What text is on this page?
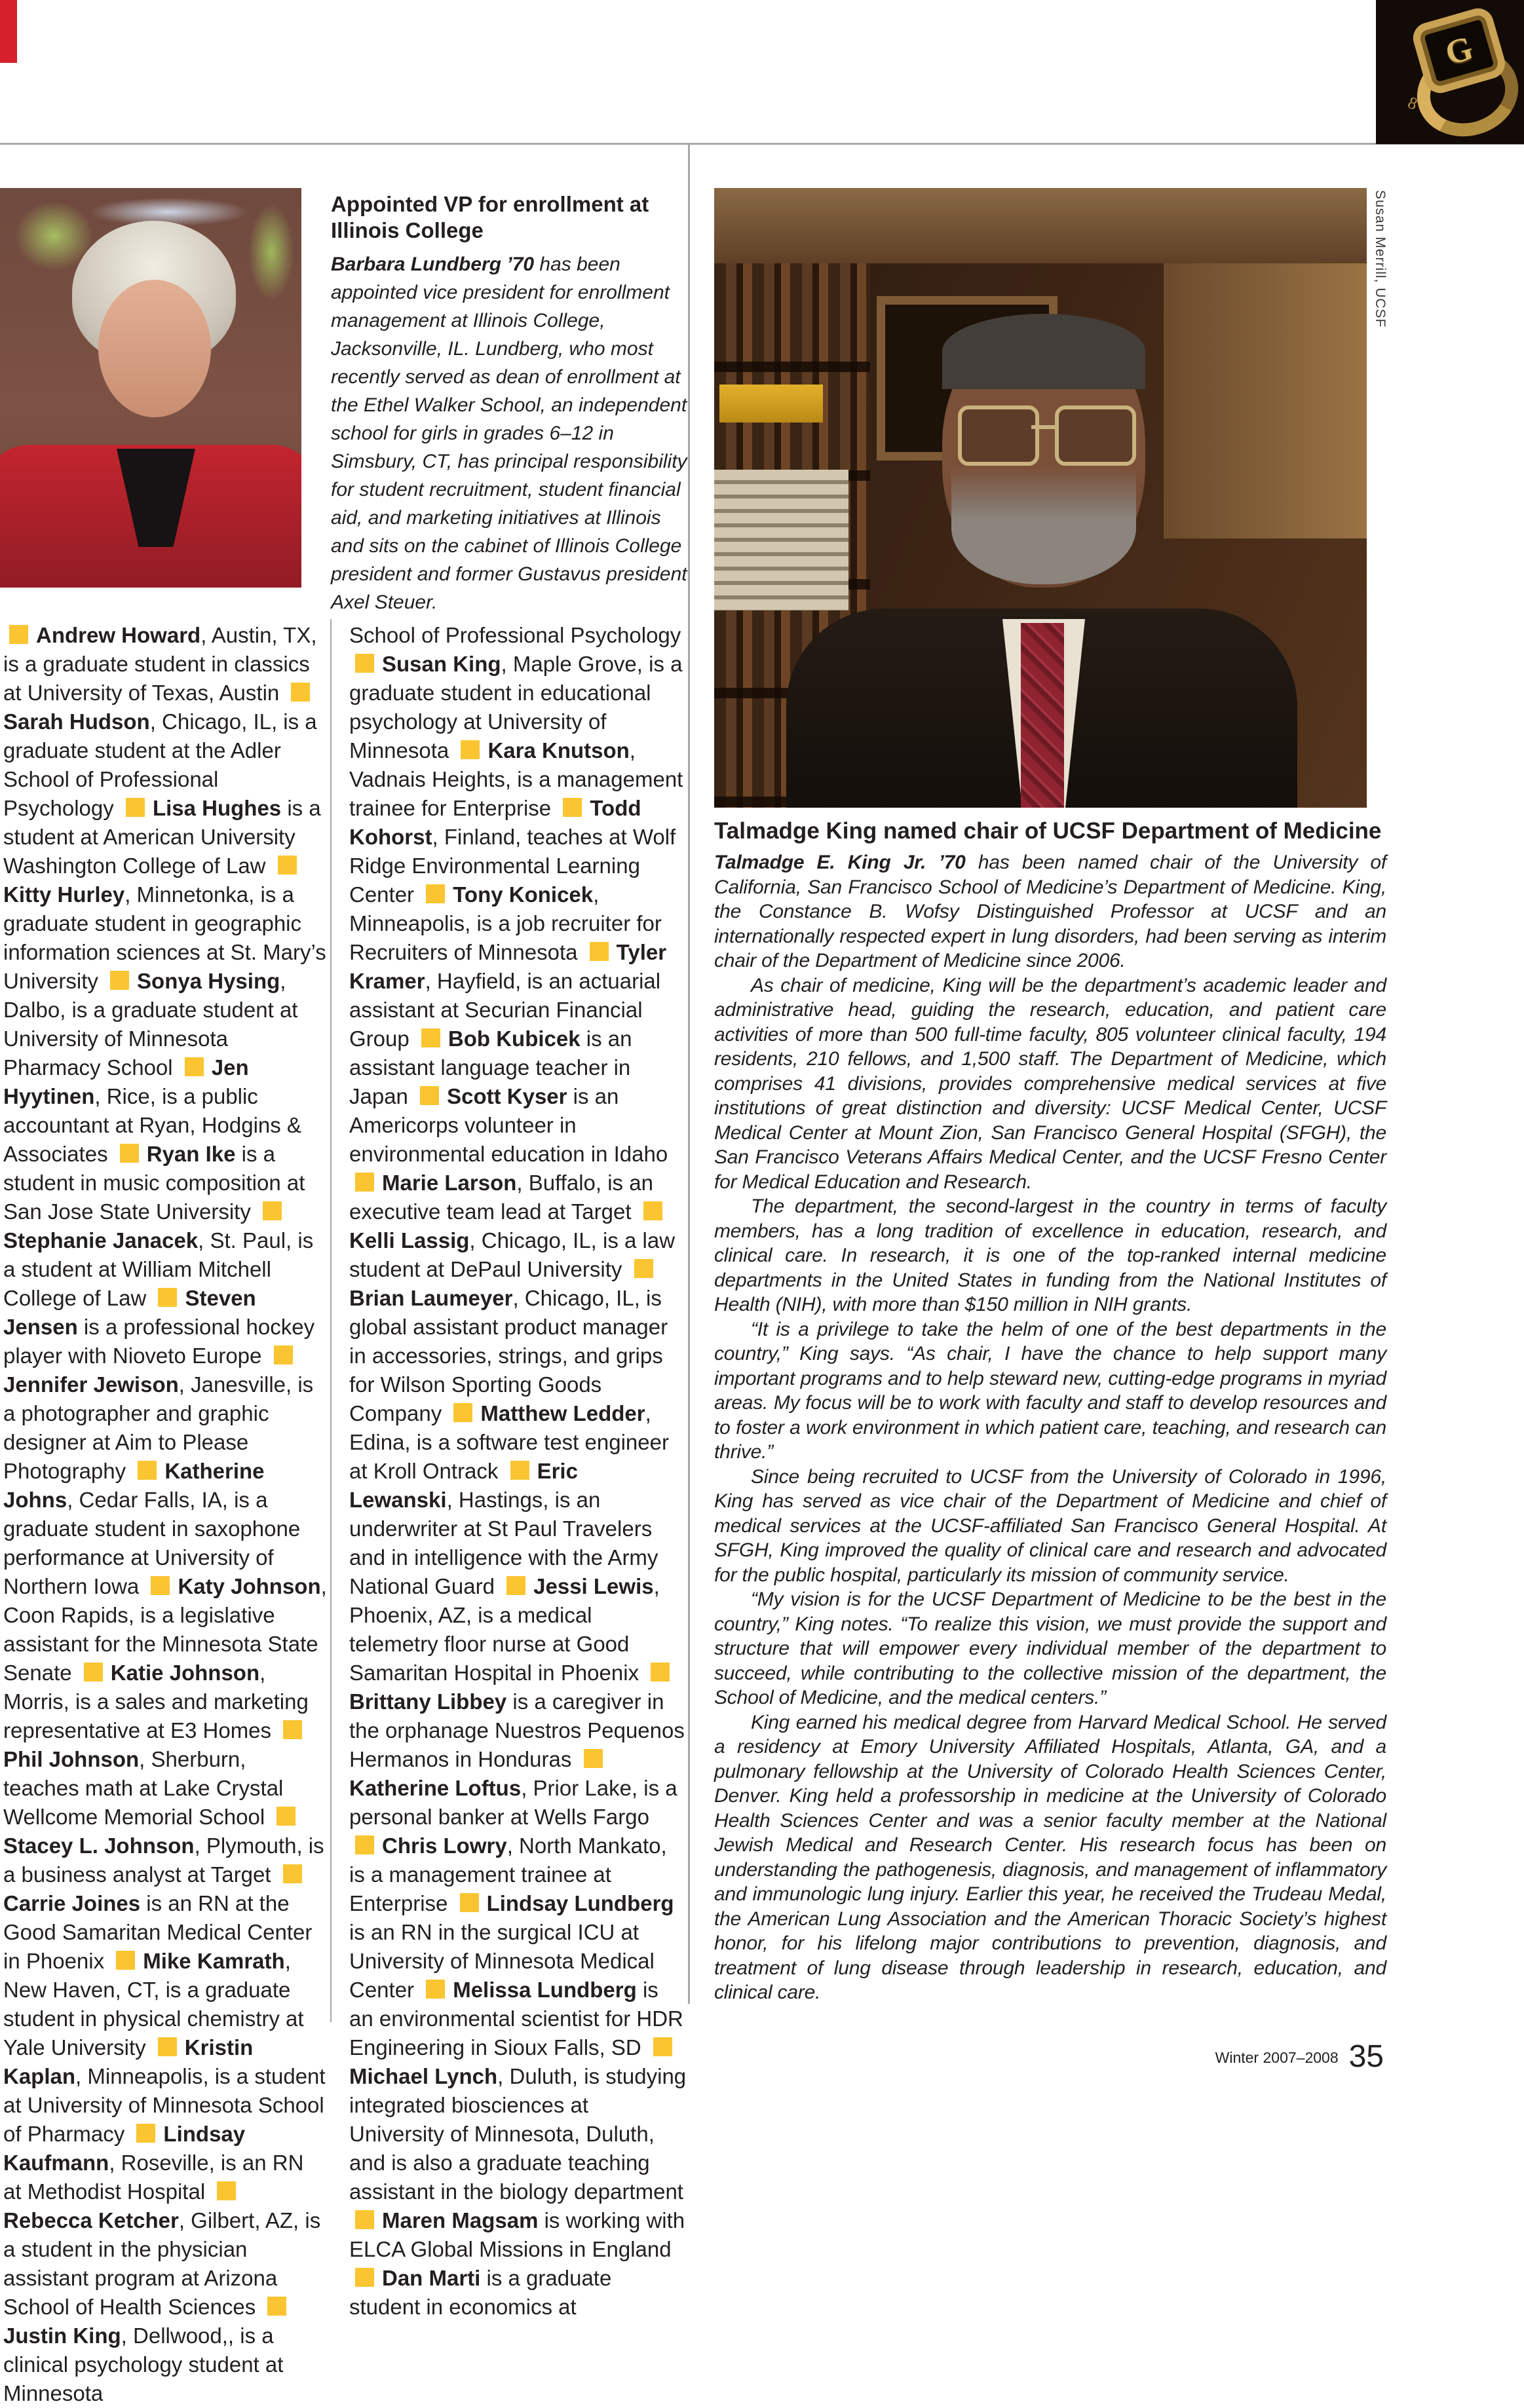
8
G
Appointed VP for enrollment at Illinois College
Barbara Lundberg ’70 has been appointed vice president for enrollment management at Illinois College, Jacksonville, IL. Lundberg, who most recently served as dean of enrollment at the Ethel Walker School, an independent school for girls in grades 6–12 in Simsbury, CT, has principal responsibility for student recruitment, student financial aid, and marketing initiatives at Illinois and sits on the cabinet of Illinois College president and former Gustavus president Axel Steuer.
Andrew Howard, Austin, TX, is a graduate student in classics at University of Texas, Austin Sarah Hudson, Chicago, IL, is a graduate student at the Adler School of Professional Psychology Lisa Hughes is a student at American University Washington College of Law Kitty Hurley, Minnetonka, is a graduate student in geographic information sciences at St. Mary’s University Sonya Hysing, Dalbo, is a graduate student at University of Minnesota Pharmacy School Jen Hyytinen, Rice, is a public accountant at Ryan, Hodgins & Associates Ryan Ike is a student in music composition at San Jose State University Stephanie Janacek, St. Paul, is a student at William Mitchell College of Law Steven Jensen is a professional hockey player with Nioveto Europe Jennifer Jewison, Janesville, is a photographer and graphic designer at Aim to Please Photography Katherine Johns, Cedar Falls, IA, is a graduate student in saxophone performance at University of Northern Iowa Katy Johnson, Coon Rapids, is a legislative assistant for the Minnesota State Senate Katie Johnson, Morris, is a sales and marketing representative at E3 Homes Phil Johnson, Sherburn, teaches math at Lake Crystal Wellcome Memorial School Stacey L. Johnson, Plymouth, is a business analyst at Target Carrie Joines is an RN at the Good Samaritan Medical Center in Phoenix Mike Kamrath, New Haven, CT, is a graduate student in physical chemistry at Yale University Kristin Kaplan, Minneapolis, is a student at University of Minnesota School of Pharmacy Lindsay Kaufmann, Roseville, is an RN at Methodist Hospital Rebecca Ketcher, Gilbert, AZ, is a student in the physician assistant program at Arizona School of Health Sciences Justin King, Dellwood,, is a clinical psychology student at Minnesota
School of Professional Psychology Susan King, Maple Grove, is a graduate student in educational psychology at University of Minnesota Kara Knutson, Vadnais Heights, is a management trainee for Enterprise Todd Kohorst, Finland, teaches at Wolf Ridge Environmental Learning Center Tony Konicek, Minneapolis, is a job recruiter for Recruiters of Minnesota Tyler Kramer, Hayfield, is an actuarial assistant at Securian Financial Group Bob Kubicek is an assistant language teacher in Japan Scott Kyser is an Americorps volunteer in environmental education in Idaho Marie Larson, Buffalo, is an executive team lead at Target Kelli Lassig, Chicago, IL, is a law student at DePaul University Brian Laumeyer, Chicago, IL, is global assistant product manager in accessories, strings, and grips for Wilson Sporting Goods Company Matthew Ledder, Edina, is a software test engineer at Kroll Ontrack Eric Lewanski, Hastings, is an underwriter at St Paul Travelers and in intelligence with the Army National Guard Jessi Lewis, Phoenix, AZ, is a medical telemetry floor nurse at Good Samaritan Hospital in Phoenix Brittany Libbey is a caregiver in the orphanage Nuestros Pequenos Hermanos in Honduras Katherine Loftus, Prior Lake, is a personal banker at Wells Fargo Chris Lowry, North Mankato, is a management trainee at Enterprise Lindsay Lundberg is an RN in the surgical ICU at University of Minnesota Medical Center Melissa Lundberg is an environmental scientist for HDR Engineering in Sioux Falls, SD Michael Lynch, Duluth, is studying integrated biosciences at University of Minnesota, Duluth, and is also a graduate teaching assistant in the biology department Maren Magsam is working with ELCA Global Missions in England Dan Marti is a graduate student in economics at
Susan Merrill, UCSF
Talmadge King named chair of UCSF Department of Medicine

Talmadge E. King Jr. ’70 has been named chair of the University of California, San Francisco School of Medicine’s Department of Medicine. King, the Constance B. Wofsy Distinguished Professor at UCSF and an internationally respected expert in lung disorders, had been serving as interim chair of the Department of Medicine since 2006.

As chair of medicine, King will be the department’s academic leader and administrative head, guiding the research, education, and patient care activities of more than 500 full-time faculty, 805 volunteer clinical faculty, 194 residents, 210 fellows, and 1,500 staff. The Department of Medicine, which comprises 41 divisions, provides comprehensive medical services at five institutions of great distinction and diversity: UCSF Medical Center, UCSF Medical Center at Mount Zion, San Francisco General Hospital (SFGH), the San Francisco Veterans Affairs Medical Center, and the UCSF Fresno Center for Medical Education and Research.

The department, the second-largest in the country in terms of faculty members, has a long tradition of excellence in education, research, and clinical care. In research, it is one of the top-ranked internal medicine departments in the United States in funding from the National Institutes of Health (NIH), with more than $150 million in NIH grants.

“It is a privilege to take the helm of one of the best departments in the country,” King says. “As chair, I have the chance to help support many important programs and to help steward new, cutting-edge programs in myriad areas. My focus will be to work with faculty and staff to develop resources and to foster a work environment in which patient care, teaching, and research can thrive.”

Since being recruited to UCSF from the University of Colorado in 1996, King has served as vice chair of the Department of Medicine and chief of medical services at the UCSF-affiliated San Francisco General Hospital. At SFGH, King improved the quality of clinical care and research and advocated for the public hospital, particularly its mission of community service.

“My vision is for the UCSF Department of Medicine to be the best in the country,” King notes. “To realize this vision, we must provide the support and structure that will empower every individual member of the department to succeed, while contributing to the collective mission of the department, the School of Medicine, and the medical centers.”

King earned his medical degree from Harvard Medical School. He served a residency at Emory University Affiliated Hospitals, Atlanta, GA, and a pulmonary fellowship at the University of Colorado Health Sciences Center, Denver. King held a professorship in medicine at the University of Colorado Health Sciences Center and was a senior faculty member at the National Jewish Medical and Research Center. His research focus has been on understanding the pathogenesis, diagnosis, and management of inflammatory and immunologic lung injury. Earlier this year, he received the Trudeau Medal, the American Lung Association and the American Thoracic Society’s highest honor, for his lifelong major contributions to prevention, diagnosis, and treatment of lung disease through leadership in research, education, and clinical care.

Winter 2007–2008 35
